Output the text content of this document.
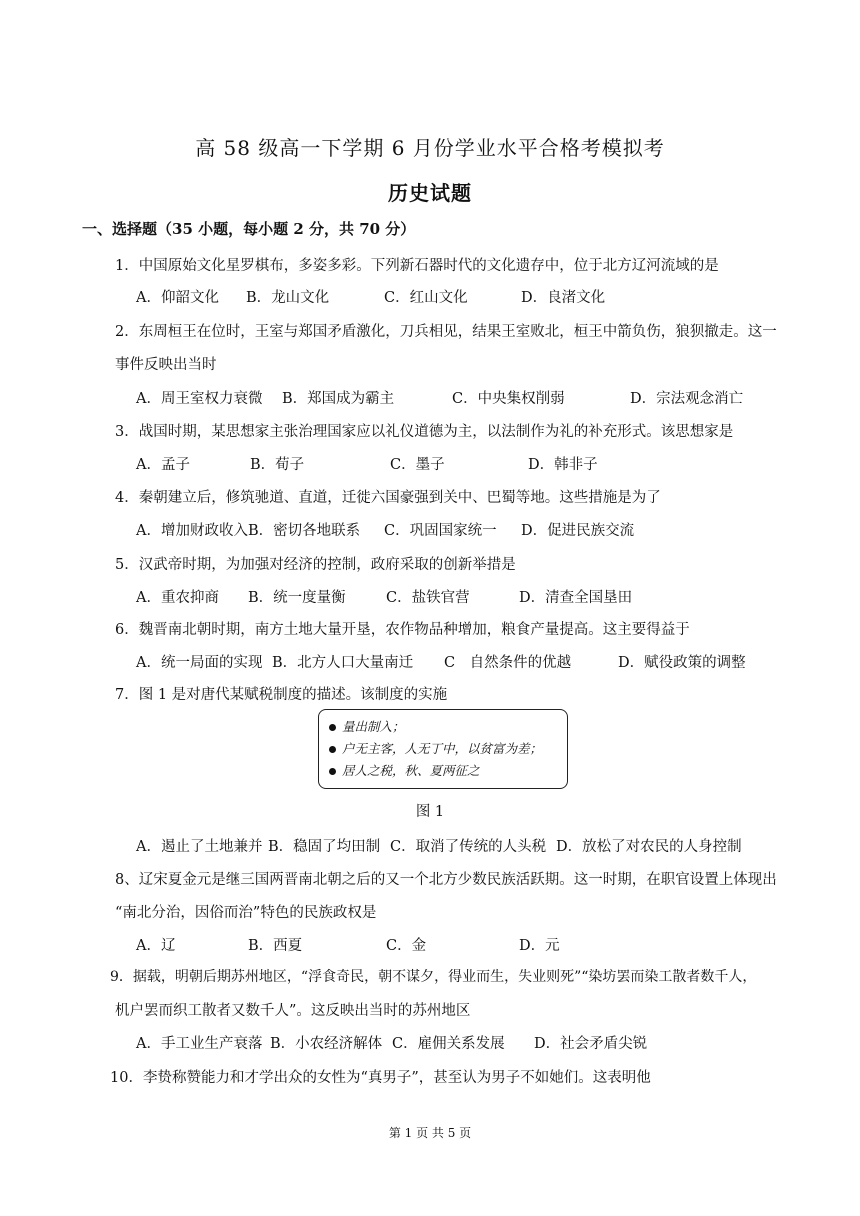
高 58 级高一下学期 6 月份学业水平合格考模拟考
历史试题
一、选择题（35 小题，每小题 2 分，共 70 分）
1．中国原始文化星罗棋布，多姿多彩。下列新石器时代的文化遗存中，位于北方辽河流域的是
A．仰韶文化 B．龙山文化	C．红山文化	D．良渚文化
2．东周桓王在位时，王室与郑国矛盾激化，刀兵相见，结果王室败北，桓王中箭负伤，狼狈撤走。这一
事件反映出当时
A．周王室权力衰微 B．郑国成为霸主	C．中央集权削弱	D．宗法观念消亡
3．战国时期，某思想家主张治理国家应以礼仪道德为主，以法制作为礼的补充形式。该思想家是
A．孟子	B．荀子	C．墨子	D．韩非子
4．秦朝建立后，修筑驰道、直道，迁徙六国豪强到关中、巴蜀等地。这些措施是为了
A．增加财政收入 B．密切各地联系 C．巩固国家统一 D．促进民族交流
5．汉武帝时期，为加强对经济的控制，政府采取的创新举措是
A．重农抑商 B．统一度量衡	C．盐铁官营	D．清查全国垦田
6．魏晋南北朝时期，南方土地大量开垦，农作物品种增加，粮食产量提高。这主要得益于
A．统一局面的实现 B．北方人口大量南迁 C　自然条件的优越	D．赋役政策的调整
7．图 1 是对唐代某赋税制度的描述。该制度的实施
量出制入；
户无主客，人无丁中，以贫富为差；
居人之税，秋、夏两征之
图 1
A．遏止了土地兼并 B．稳固了均田制 C．取消了传统的人头税 D．放松了对农民的人身控制
8、辽宋夏金元是继三国两晋南北朝之后的又一个北方少数民族活跃期。这一时期，在职官设置上体现出
“南北分治，因俗而治”特色的民族政权是
A．辽	B．西夏	C．金	D．元
9．据载，明朝后期苏州地区，“浮食奇民，朝不谋夕，得业而生，失业则死”“染坊罢而染工散者数千人，
机户罢而织工散者又数千人”。这反映出当时的苏州地区
A．手工业生产衰落 B．小农经济解体 C．雇佣关系发展 D．社会矛盾尖锐
10．李贽称赞能力和才学出众的女性为“真男子”，甚至认为男子不如她们。这表明他
第 1 页 共 5 页
